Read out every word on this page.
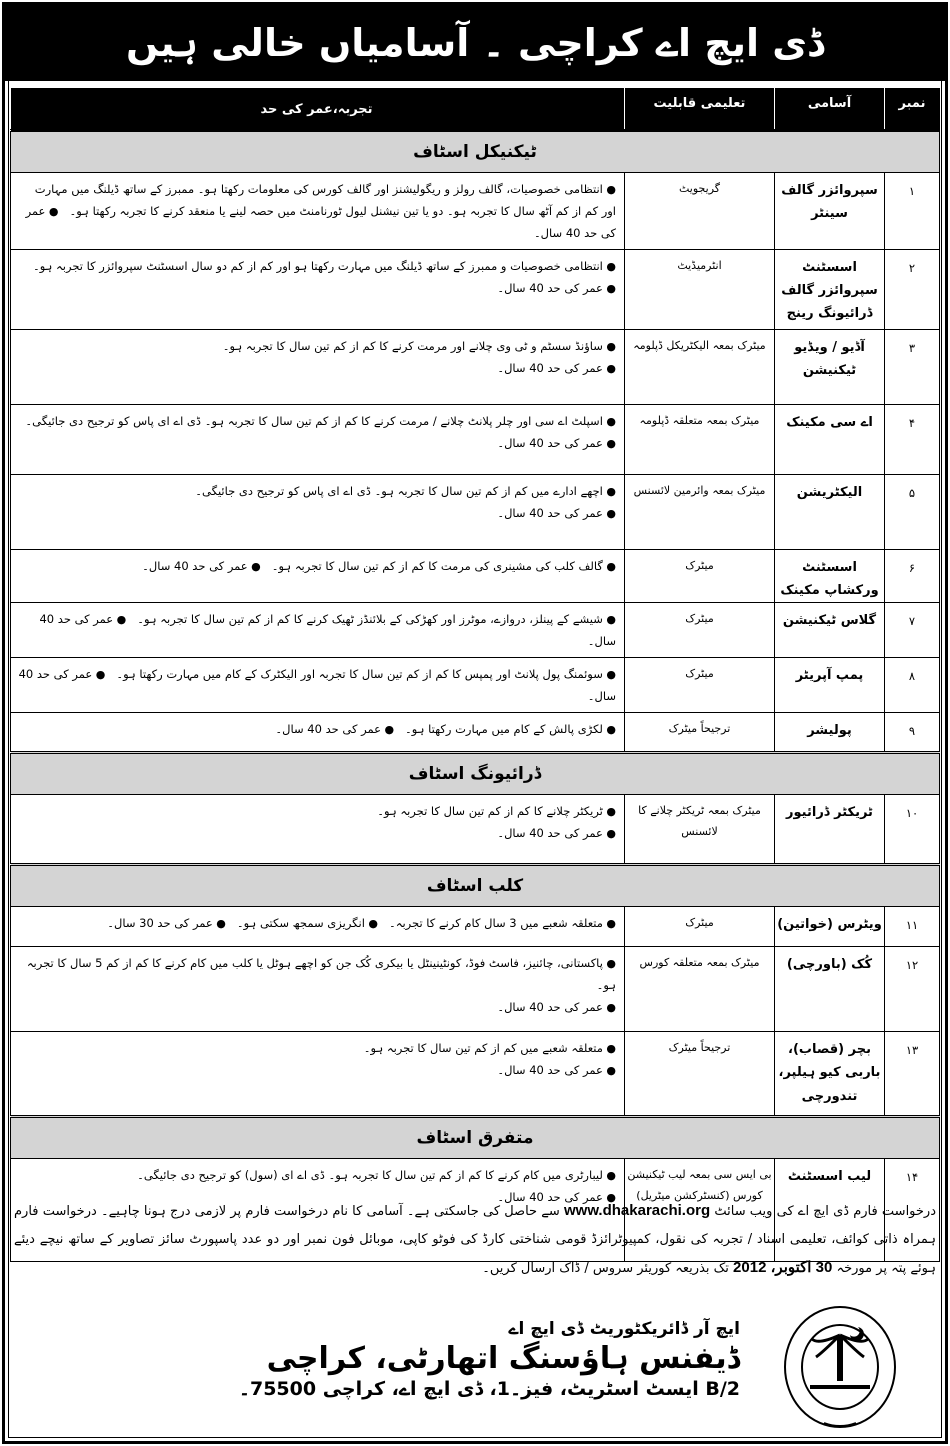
ڈی ایچ اے کراچی ۔ آسامیاں خالی ہیں
نمبر	آسامی	تعلیمی قابلیت	تجربہ،عمر کی حد
ٹیکنیکل اسٹاف			
۱	سپروائزر گالف سینٹر	گریجویٹ	● انتظامی خصوصیات، گالف رولز و ریگولیشنز اور گالف کورس کی معلومات رکھتا ہو۔ ممبرز کے ساتھ ڈیلنگ میں مہارت اور کم از کم آٹھ سال کا تجربہ ہو۔ دو یا تین نیشنل لیول ٹورنامنٹ میں حصہ لینے یا منعقد کرنے کا تجربہ رکھتا ہو۔   ● عمر کی حد 40 سال۔
۲	اسسٹنٹ سپروائزر گالف ڈرائیونگ رینج	انٹرمیڈیٹ	● انتظامی خصوصیات و ممبرز کے ساتھ ڈیلنگ میں مہارت رکھتا ہو اور کم از کم دو سال اسسٹنٹ سپروائزر کا تجربہ ہو۔
● عمر کی حد 40 سال۔
۳	آڈیو / ویڈیو ٹیکنیشن	میٹرک بمعہ الیکٹریکل ڈپلومہ	● ساؤنڈ سسٹم و ٹی وی چلانے اور مرمت کرنے کا کم از کم تین سال کا تجربہ ہو۔
● عمر کی حد 40 سال۔
۴	اے سی مکینک	میٹرک بمعہ متعلقہ ڈپلومہ	● اسپلٹ اے سی اور چلر پلانٹ چلانے / مرمت کرنے کا کم از کم تین سال کا تجربہ ہو۔ ڈی اے ای پاس کو ترجیح دی جائیگی۔
● عمر کی حد 40 سال۔
۵	الیکٹریشن	میٹرک بمعہ وائرمین لائسنس	● اچھے ادارے میں کم از کم تین سال کا تجربہ ہو۔ ڈی اے ای پاس کو ترجیح دی جائیگی۔
● عمر کی حد 40 سال۔
۶	اسسٹنٹ ورکشاپ مکینک	میٹرک	● گالف کلب کی مشینری کی مرمت کا کم از کم تین سال کا تجربہ ہو۔   ● عمر کی حد 40 سال۔
۷	گلاس ٹیکنیشن	میٹرک	● شیشے کے پینلز، دروازے، موٹرز اور کھڑکی کے بلائنڈز ٹھیک کرنے کا کم از کم تین سال کا تجربہ ہو۔   ● عمر کی حد 40 سال۔
۸	پمپ آپریٹر	میٹرک	● سوئمنگ پول پلانٹ اور پمپس کا کم از کم تین سال کا تجربہ اور الیکٹرک کے کام میں مہارت رکھتا ہو۔   ● عمر کی حد 40 سال۔
۹	پولیشر	ترجیحاً میٹرک	● لکڑی پالش کے کام میں مہارت رکھتا ہو۔   ● عمر کی حد 40 سال۔
ڈرائیونگ اسٹاف			
۱۰	ٹریکٹر ڈرائیور	میٹرک بمعہ ٹریکٹر چلانے کا لائسنس	● ٹریکٹر چلانے کا کم از کم تین سال کا تجربہ ہو۔
● عمر کی حد 40 سال۔
کلب اسٹاف			
۱۱	ویٹرس (خواتین)	میٹرک	● متعلقہ شعبے میں 3 سال کام کرنے کا تجربہ۔   ● انگریزی سمجھ سکتی ہو۔   ● عمر کی حد 30 سال۔
۱۲	کُک (باورچی)	میٹرک بمعہ متعلقہ کورس	● پاکستانی، چائنیز، فاسٹ فوڈ، کونٹینینٹل یا بیکری کُک جن کو اچھے ہوٹل یا کلب میں کام کرنے کا کم از کم 5 سال کا تجربہ ہو۔
● عمر کی حد 40 سال۔
۱۳	بچر (قصاب)، باربی کیو ہیلپر، تندورچی	ترجیحاً میٹرک	● متعلقہ شعبے میں کم از کم تین سال کا تجربہ ہو۔
● عمر کی حد 40 سال۔
متفرق اسٹاف			
۱۴	لیب اسسٹنٹ	بی ایس سی بمعہ لیب ٹیکنیشن کورس (کنسٹرکشن میٹریل)	● لیبارٹری میں کام کرنے کا کم از کم تین سال کا تجربہ ہو۔ ڈی اے ای (سول) کو ترجیح دی جائیگی۔
● عمر کی حد 40 سال۔
درخواست فارم ڈی ایچ اے کی ویب سائٹ www.dhakarachi.org سے حاصل کی جاسکتی ہے۔ آسامی کا نام درخواست فارم پر لازمی درج ہونا چاہیے۔ درخواست فارم ہمراہ ذاتی کوائف، تعلیمی اسناد / تجربہ کی نقول، کمپیوٹرائزڈ قومی شناختی کارڈ کی فوٹو کاپی، موبائل فون نمبر اور دو عدد پاسپورٹ سائز تصاویر کے ساتھ نیچے دیئے ہوئے پتہ پر مورخہ 30 اکتوبر، 2012 تک بذریعہ کوریئر سروس / ڈاک ارسال کریں۔
ایچ آر ڈائریکٹوریٹ ڈی ایچ اے
ڈیفنس ہاؤسنگ اتھارٹی، کراچی
2/B ایسٹ اسٹریٹ، فیز۔1، ڈی ایچ اے، کراچی 75500۔
